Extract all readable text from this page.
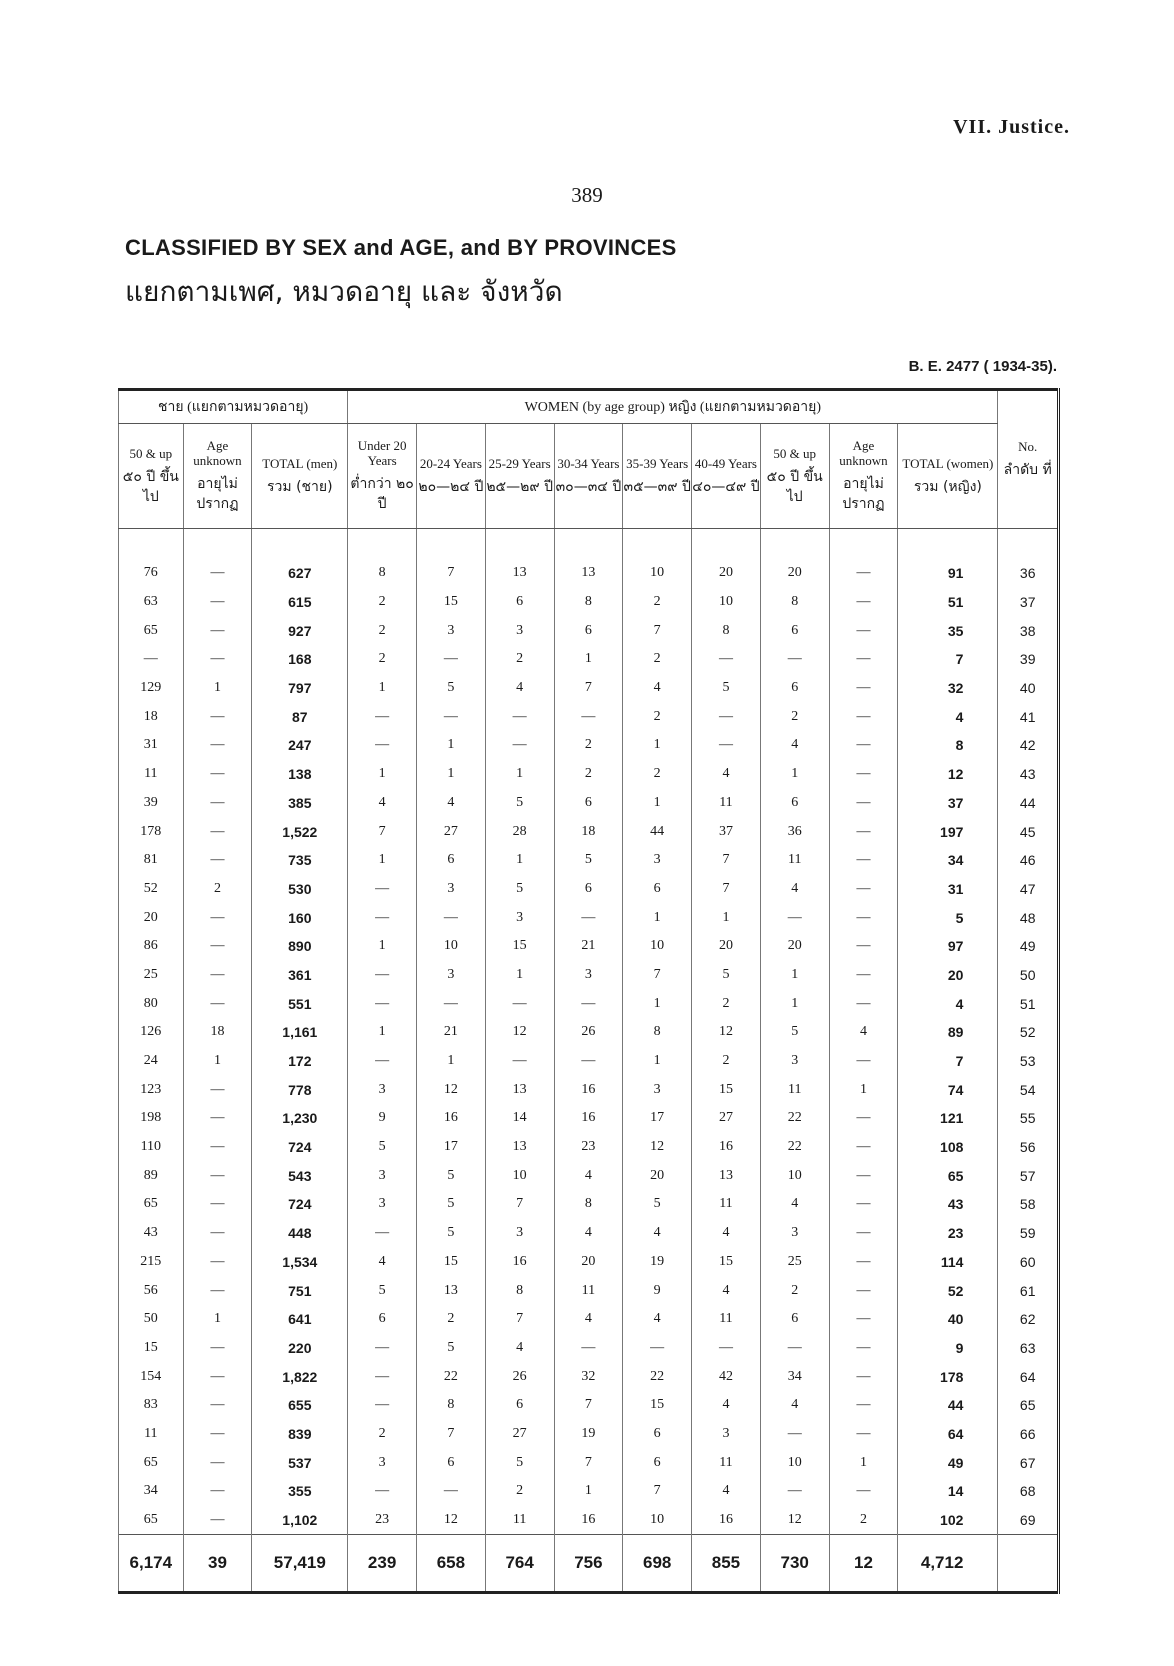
VII. Justice.
389
CLASSIFIED BY SEX and AGE, and BY PROVINCES
แยกตามเพศ, หมวดอายุ และ จังหวัด
B. E. 2477 ( 1934-35).
ชาย (แยกตามหมวดอายุ)			WOMEN (by age group) หญิง (แยกตามหมวดอายุ)									No.
ลำดับ ที่

50 & up
๕๐ ปี ขึ้นไป	Age unknown
อายุไม่ ปรากฏ	TOTAL (men)
รวม (ชาย)	Under 20 Years
ต่ำกว่า ๒๐ ปี	20-24 Years
๒๐—๒๔ ปี	25-29 Years
๒๕—๒๙ ปี	30-34 Years
๓๐—๓๔ ปี	35-39 Years
๓๕—๓๙ ปี	40-49 Years
๔๐—๔๙ ปี	50 & up
๕๐ ปี ขึ้นไป	Age unknown
อายุไม่ ปรากฏ	TOTAL (women)
รวม (หญิง)	

76	—	627	8	7	13	13	10	20	20	—	91	36
63	—	615	2	15	6	8	2	10	8	—	51	37
65	—	927	2	3	3	6	7	8	6	—	35	38
—	—	168	2	—	2	1	2	—	—	—	7	39
129	1	797	1	5	4	7	4	5	6	—	32	40
18	—	87	—	—	—	—	2	—	2	—	4	41
31	—	247	—	1	—	2	1	—	4	—	8	42
11	—	138	1	1	1	2	2	4	1	—	12	43
39	—	385	4	4	5	6	1	11	6	—	37	44
178	—	1,522	7	27	28	18	44	37	36	—	197	45
81	—	735	1	6	1	5	3	7	11	—	34	46
52	2	530	—	3	5	6	6	7	4	—	31	47
20	—	160	—	—	3	—	1	1	—	—	5	48
86	—	890	1	10	15	21	10	20	20	—	97	49
25	—	361	—	3	1	3	7	5	1	—	20	50
80	—	551	—	—	—	—	1	2	1	—	4	51
126	18	1,161	1	21	12	26	8	12	5	4	89	52
24	1	172	—	1	—	—	1	2	3	—	7	53
123	—	778	3	12	13	16	3	15	11	1	74	54
198	—	1,230	9	16	14	16	17	27	22	—	121	55
110	—	724	5	17	13	23	12	16	22	—	108	56
89	—	543	3	5	10	4	20	13	10	—	65	57
65	—	724	3	5	7	8	5	11	4	—	43	58
43	—	448	—	5	3	4	4	4	3	—	23	59
215	—	1,534	4	15	16	20	19	15	25	—	114	60
56	—	751	5	13	8	11	9	4	2	—	52	61
50	1	641	6	2	7	4	4	11	6	—	40	62
15	—	220	—	5	4	—	—	—	—	—	9	63
154	—	1,822	—	22	26	32	22	42	34	—	178	64
83	—	655	—	8	6	7	15	4	4	—	44	65
11	—	839	2	7	27	19	6	3	—	—	64	66
65	—	537	3	6	5	7	6	11	10	1	49	67
34	—	355	—	—	2	1	7	4	—	—	14	68
65	—	1,102	23	12	11	16	10	16	12	2	102	69
6,174	39	57,419	239	658	764	756	698	855	730	12	4,712	
